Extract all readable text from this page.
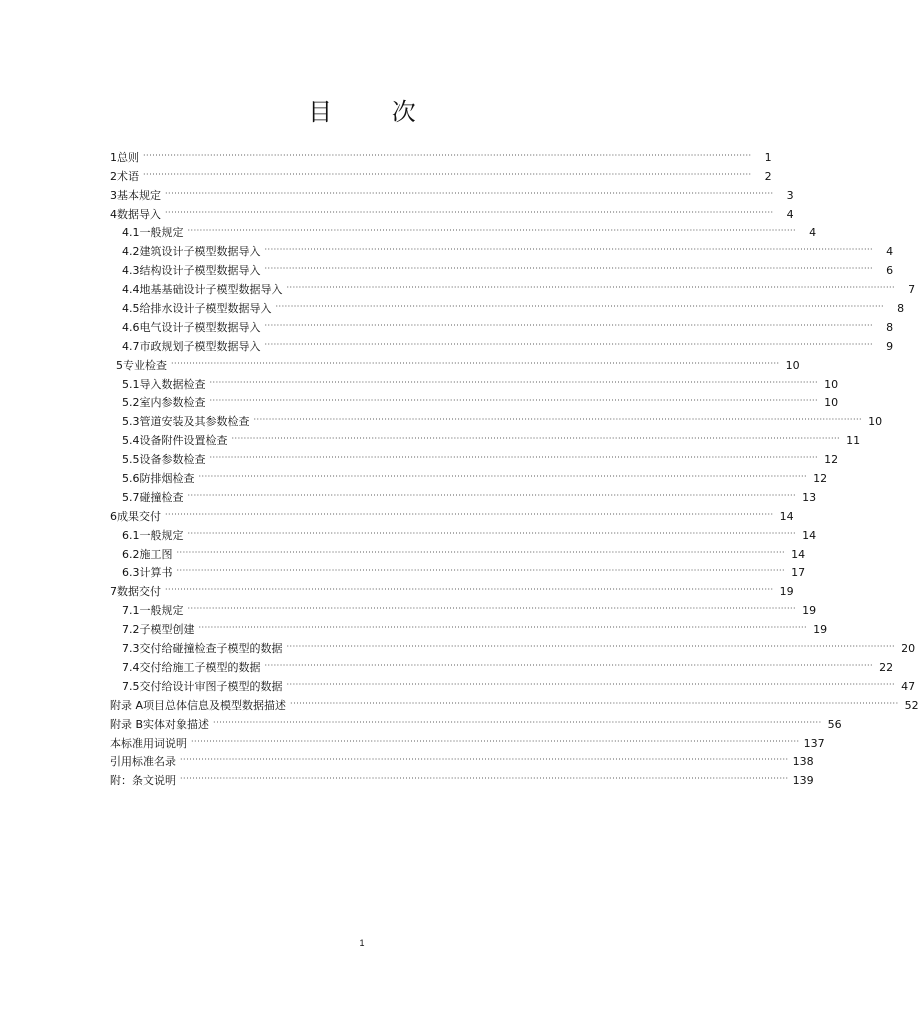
目 次
1 总则 ········································································································································································································	1
2 术语 ········································································································································································································	2
3 基本规定 ········································································································································································································	3
4 数据导入 ········································································································································································································	4
4.1 一般规定 ········································································································································································································	4
4.2 建筑设计子模型数据导入 ········································································································································································································	4
4.3 结构设计子模型数据导入 ········································································································································································································	6
4.4 地基基础设计子模型数据导入 ········································································································································································································	7
4.5 给排水设计子模型数据导入 ········································································································································································································	8
4.6 电气设计子模型数据导入 ········································································································································································································	8
4.7 市政规划子模型数据导入 ········································································································································································································	9
5 专业检查 ········································································································································································································ 10
5.1 导入数据检查 ········································································································································································································ 10
5.2 室内参数检查 ········································································································································································································ 10
5.3 管道安装及其参数检查 ········································································································································································································ 10
5.4 设备附件设置检查 ········································································································································································································ 11
5.5 设备参数检查 ········································································································································································································ 12
5.6 防排烟检查 ········································································································································································································ 12
5.7 碰撞检查 ········································································································································································································ 13
6 成果交付 ········································································································································································································ 14
6.1 一般规定 ········································································································································································································ 14
6.2 施工图 ········································································································································································································ 14
6.3 计算书 ········································································································································································································ 17
7 数据交付 ········································································································································································································ 19
7.1 一般规定 ········································································································································································································ 19
7.2 子模型创建 ········································································································································································································ 19
7.3 交付给碰撞检查子模型的数据 ········································································································································································································ 20
7.4 交付给施工子模型的数据 ········································································································································································································ 22
7.5 交付给设计审图子模型的数据 ········································································································································································································ 47
附录 A 项目总体信息及模型数据描述 ········································································································································································································ 52
附录 B 实体对象描述 ········································································································································································································ 56
本标准用词说明 ········································································································································································································ 137
引用标准名录 ········································································································································································································ 138
附：条文说明 ········································································································································································································ 139
1
